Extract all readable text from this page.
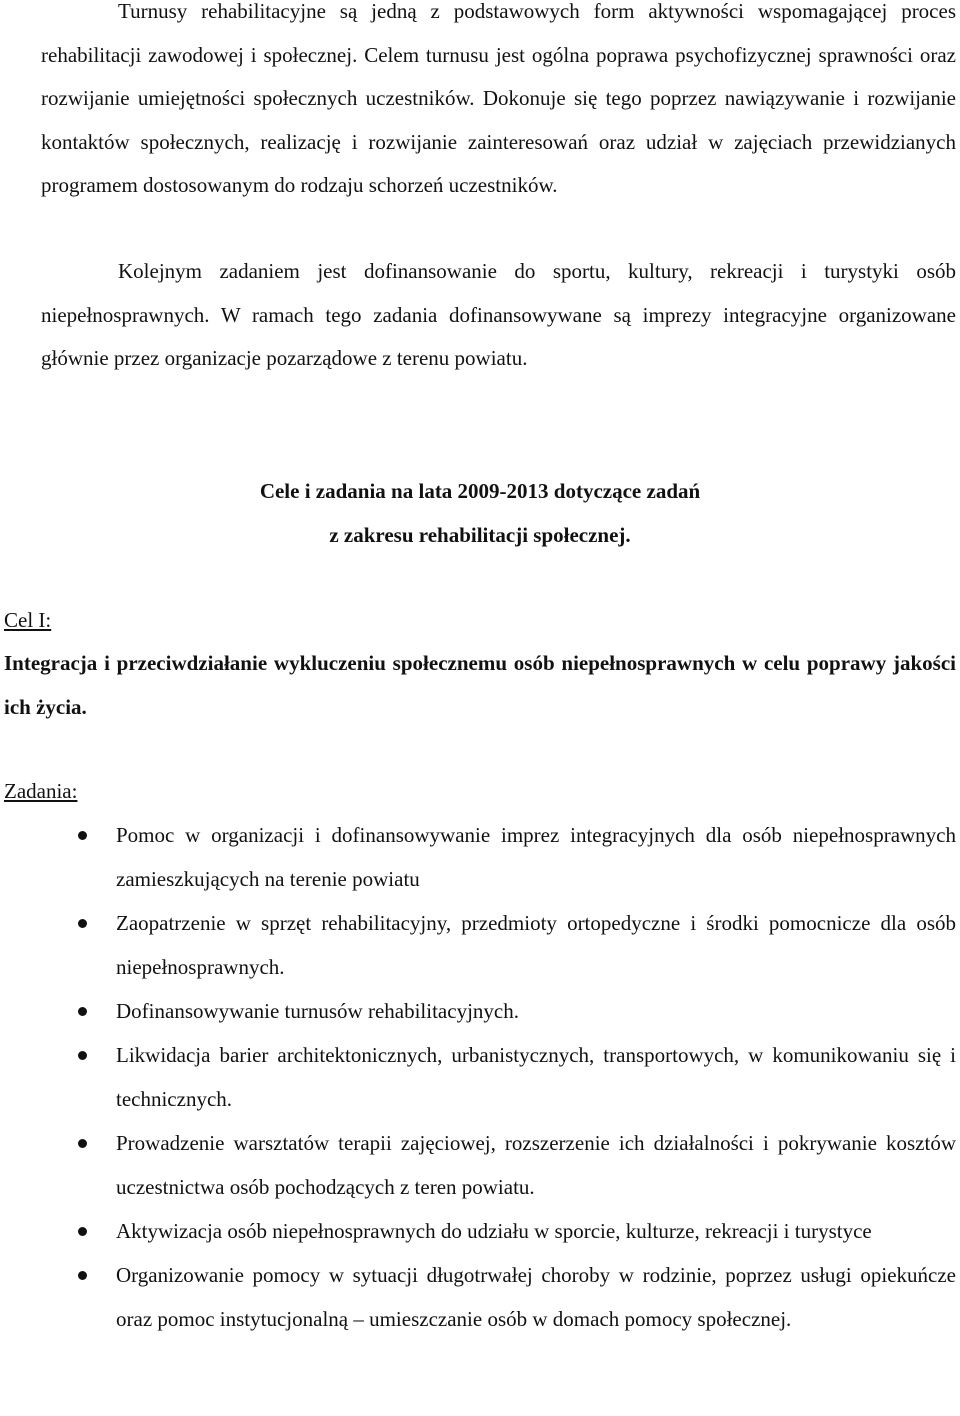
Turnusy rehabilitacyjne są jedną z podstawowych form aktywności wspomagającej proces rehabilitacji zawodowej i społecznej. Celem turnusu jest ogólna poprawa psychofizycznej sprawności oraz rozwijanie umiejętności społecznych uczestników. Dokonuje się tego poprzez nawiązywanie i rozwijanie kontaktów społecznych, realizację i rozwijanie zainteresowań oraz udział w zajęciach przewidzianych programem dostosowanym do rodzaju schorzeń uczestników.

Kolejnym zadaniem jest dofinansowanie do sportu, kultury, rekreacji i turystyki osób niepełnosprawnych. W ramach tego zadania dofinansowywane są imprezy integracyjne organizowane głównie przez organizacje pozarządowe z terenu powiatu.

Cele i zadania na lata 2009-2013 dotyczące zadań
z zakresu rehabilitacji społecznej.

Cel I:

Integracja i przeciwdziałanie wykluczeniu społecznemu osób niepełnosprawnych w celu poprawy jakości ich życia.

Zadania:

Pomoc w organizacji i dofinansowywanie imprez integracyjnych dla osób niepełnosprawnych zamieszkujących na terenie powiatu
Zaopatrzenie w sprzęt rehabilitacyjny, przedmioty ortopedyczne i środki pomocnicze dla osób niepełnosprawnych.
Dofinansowywanie turnusów rehabilitacyjnych.
Likwidacja barier architektonicznych, urbanistycznych, transportowych, w komunikowaniu się i technicznych.
Prowadzenie warsztatów terapii zajęciowej, rozszerzenie ich działalności i pokrywanie kosztów uczestnictwa osób pochodzących z teren powiatu.
Aktywizacja osób niepełnosprawnych do udziału w sporcie, kulturze, rekreacji i turystyce
Organizowanie pomocy w sytuacji długotrwałej choroby w rodzinie, poprzez usługi opiekuńcze oraz pomoc instytucjonalną – umieszczanie osób w domach pomocy społecznej.
